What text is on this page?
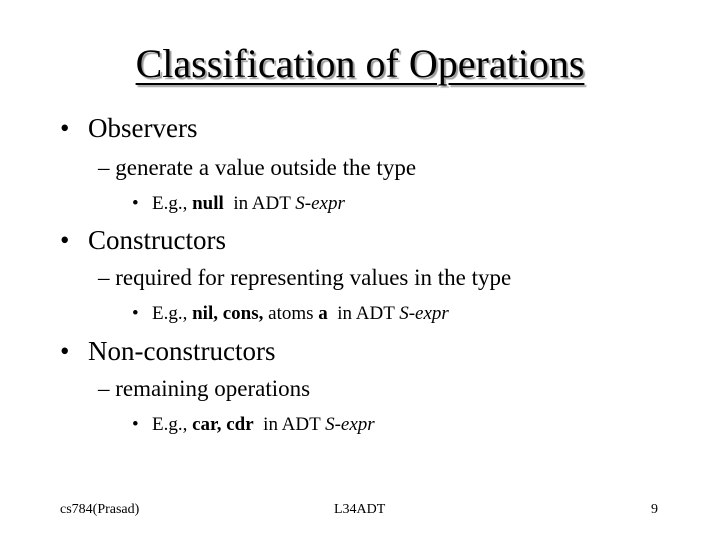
Classification of Operations
• Observers
– generate a value outside the type
• E.g., null in ADT S-expr
• Constructors
– required for representing values in the type
• E.g., nil, cons, atoms a in ADT S-expr
• Non-constructors
– remaining operations
• E.g., car, cdr in ADT S-expr
cs784(Prasad)	L34ADT	9
